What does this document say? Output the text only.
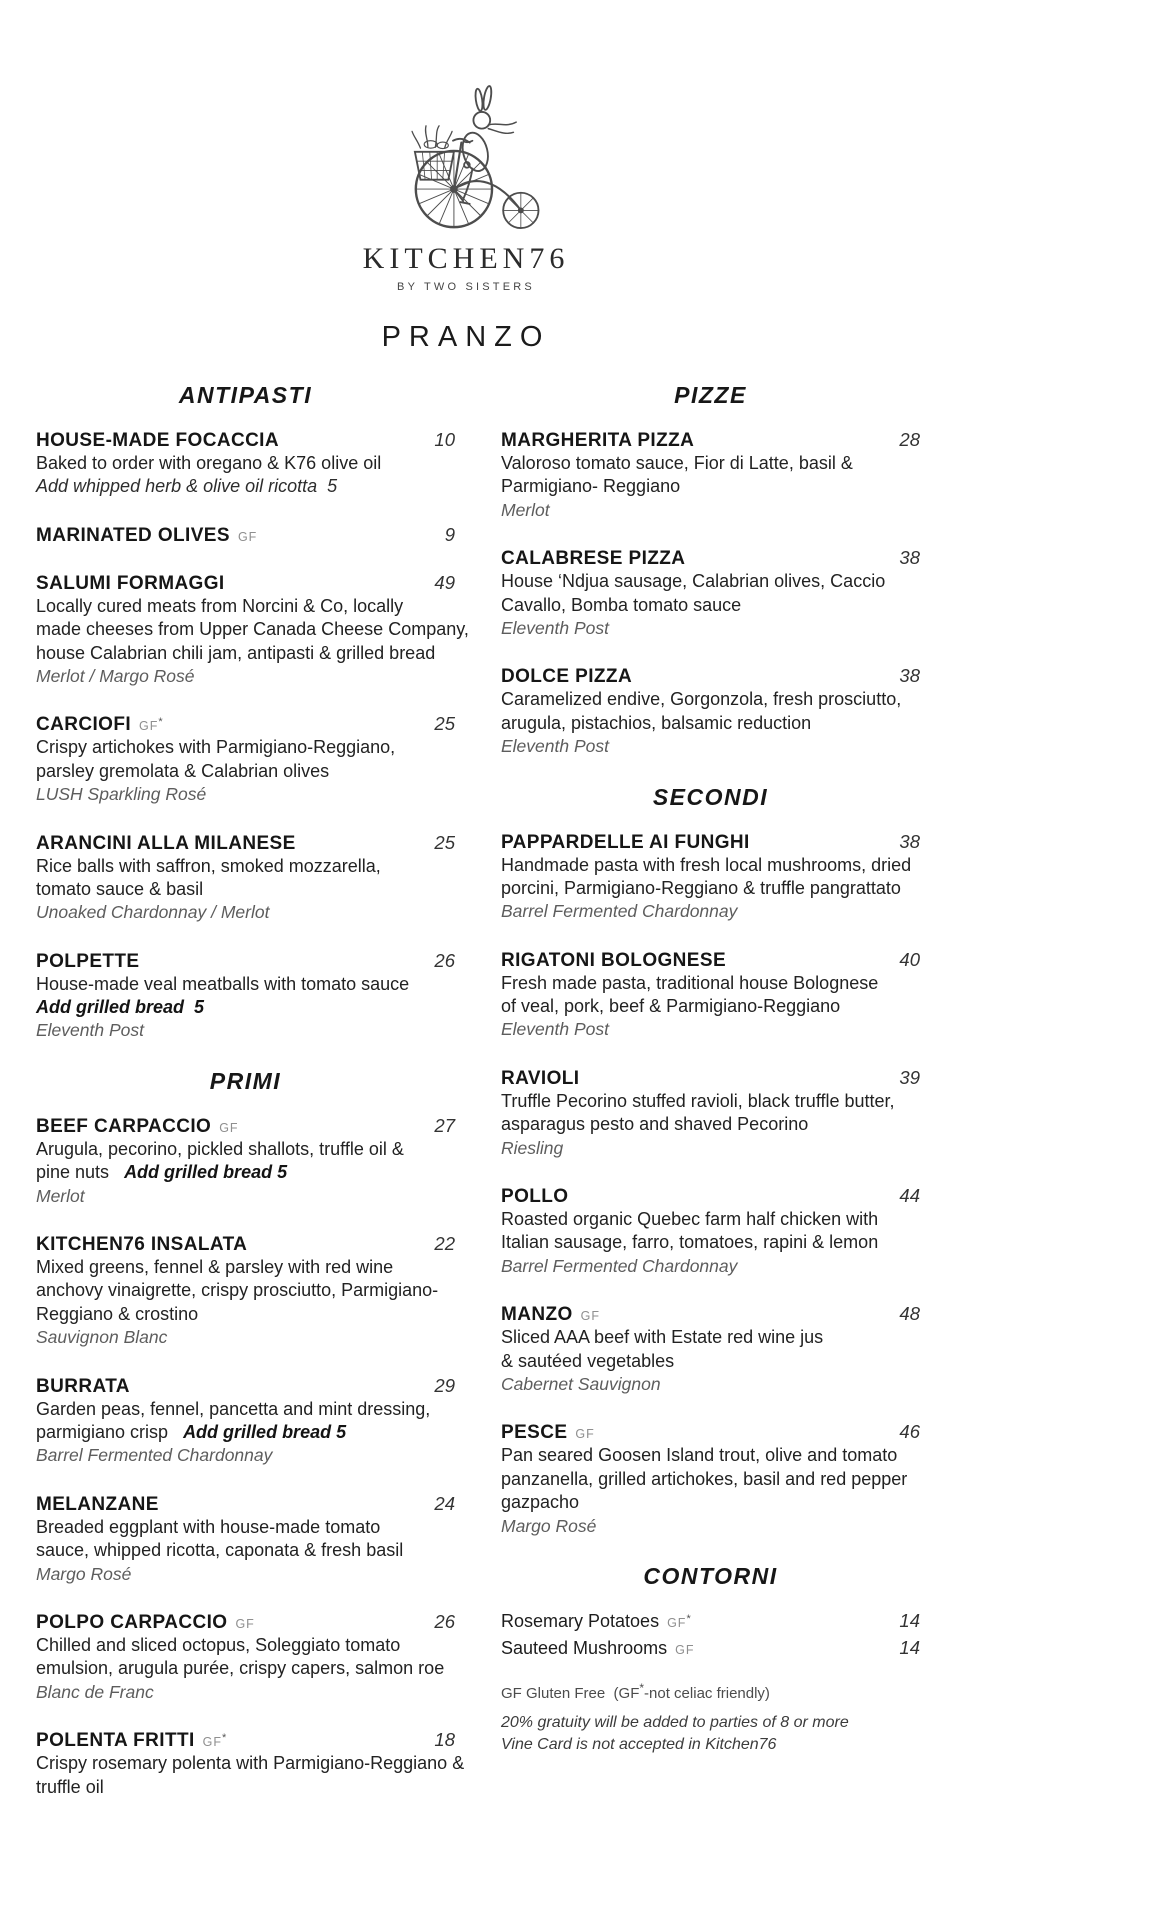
KITCHEN76
BY TWO SISTERS
PRANZO
ANTIPASTI
HOUSE-MADE FOCACCIA	10
Baked to order with oregano & K76 olive oil
Add whipped herb & olive oil ricotta  5
MARINATED OLIVES GF	9
SALUMI FORMAGGI	49
Locally cured meats from Norcini & Co, locally
made cheeses from Upper Canada Cheese Company,
house Calabrian chili jam, antipasti & grilled bread
Merlot / Margo Rosé
CARCIOFI GF*	25
Crispy artichokes with Parmigiano-Reggiano,
parsley gremolata & Calabrian olives
LUSH Sparkling Rosé
ARANCINI ALLA MILANESE	25
Rice balls with saffron, smoked mozzarella,
tomato sauce & basil
Unoaked Chardonnay / Merlot
POLPETTE	26
House-made veal meatballs with tomato sauce
Add grilled bread  5
Eleventh Post
PRIMI
BEEF CARPACCIO GF	27
Arugula, pecorino, pickled shallots, truffle oil &
pine nuts   Add grilled bread 5
Merlot
KITCHEN76 INSALATA	22
Mixed greens, fennel & parsley with red wine
anchovy vinaigrette, crispy prosciutto, Parmigiano-
Reggiano & crostino
Sauvignon Blanc
BURRATA	29
Garden peas, fennel, pancetta and mint dressing,
parmigiano crisp   Add grilled bread 5
Barrel Fermented Chardonnay
MELANZANE	24
Breaded eggplant with house-made tomato
sauce, whipped ricotta, caponata & fresh basil
Margo Rosé
POLPO CARPACCIO GF	26
Chilled and sliced octopus, Soleggiato tomato
emulsion, arugula purée, crispy capers, salmon roe
Blanc de Franc
POLENTA FRITTI GF*	18
Crispy rosemary polenta with Parmigiano-Reggiano &
truffle oil
PIZZE
MARGHERITA PIZZA	28
Valoroso tomato sauce, Fior di Latte, basil &
Parmigiano- Reggiano
Merlot
CALABRESE PIZZA	38
House ‘Ndjua sausage, Calabrian olives, Caccio
Cavallo, Bomba tomato sauce
Eleventh Post
DOLCE PIZZA	38
Caramelized endive, Gorgonzola, fresh prosciutto,
arugula, pistachios, balsamic reduction
Eleventh Post
SECONDI
PAPPARDELLE AI FUNGHI	38
Handmade pasta with fresh local mushrooms, dried
porcini, Parmigiano-Reggiano & truffle pangrattato
Barrel Fermented Chardonnay
RIGATONI BOLOGNESE	40
Fresh made pasta, traditional house Bolognese
of veal, pork, beef & Parmigiano-Reggiano
Eleventh Post
RAVIOLI	39
Truffle Pecorino stuffed ravioli, black truffle butter,
asparagus pesto and shaved Pecorino
Riesling
POLLO	44
Roasted organic Quebec farm half chicken with
Italian sausage, farro, tomatoes, rapini & lemon
Barrel Fermented Chardonnay
MANZO GF	48
Sliced AAA beef with Estate red wine jus
& sautéed vegetables
Cabernet Sauvignon
PESCE GF	46
Pan seared Goosen Island trout, olive and tomato
panzanella, grilled artichokes, basil and red pepper
gazpacho
Margo Rosé
CONTORNI
Rosemary Potatoes GF*	14
Sauteed Mushrooms GF	14
GF Gluten Free  (GF*-not celiac friendly)
20% gratuity will be added to parties of 8 or more
Vine Card is not accepted in Kitchen76
